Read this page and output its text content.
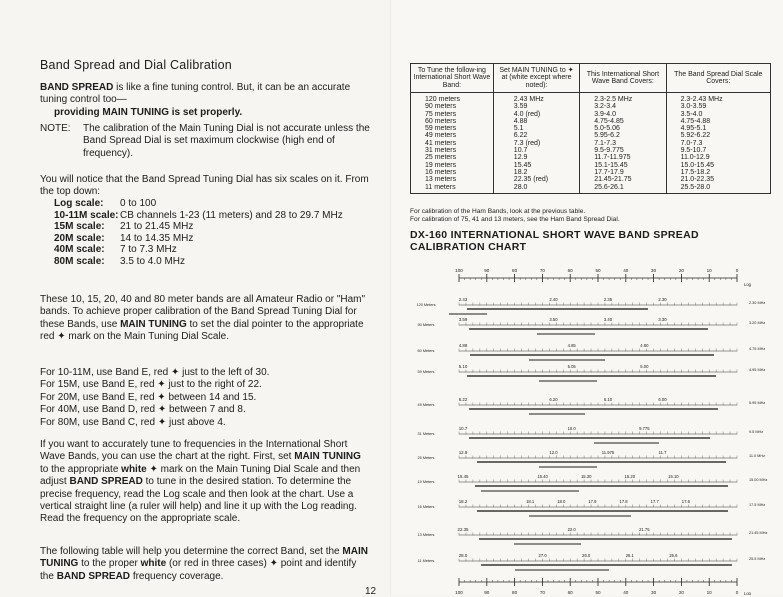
Band Spread and Dial Calibration
BAND SPREAD is like a fine tuning control. But, it can be an accurate tuning control too—
providing MAIN TUNING is set properly.
NOTE:	The calibration of the Main Tuning Dial is not accurate unless the Band Spread Dial is set maximum clockwise (high end of frequency).
You will notice that the Band Spread Tuning Dial has six scales on it. From the top down:
Log scale:	0 to 100
10-11M scale: CB channels 1-23 (11 meters) and 28 to 29.7 MHz
15M scale:	21 to 21.45 MHz
20M scale:	14 to 14.35 MHz
40M scale:	7 to 7.3 MHz
80M scale:	3.5 to 4.0 MHz
These 10, 15, 20, 40 and 80 meter bands are all Amateur Radio or "Ham" bands. To achieve proper calibration of the Band Spread Tuning Dial for these Bands, use MAIN TUNING to set the dial pointer to the appropriate red ✦ mark on the Main Tuning Dial Scale.
For 10-11M, use Band E, red ✦ just to the left of 30.
For 15M, use Band E, red ✦ just to the right of 22.
For 20M, use Band E, red ✦ between 14 and 15.
For 40M, use Band D, red ✦ between 7 and 8.
For 80M, use Band C, red ✦ just above 4.
If you want to accurately tune to frequencies in the International Short Wave Bands, you can use the chart at the right. First, set MAIN TUNING to the appropriate white ✦ mark on the Main Tuning Dial Scale and then adjust BAND SPREAD to tune in the desired station. To determine the precise frequency, read the Log scale and then look at the chart. Use a vertical straight line (a ruler will help) and line it up with the Log reading. Read the frequency on the appropriate scale.
The following table will help you determine the correct Band, set the MAIN TUNING to the proper white (or red in three cases) ✦ point and identify the BAND SPREAD frequency coverage.
12
To Tune the follow-ing International Short Wave Band:	Set MAIN TUNING to ✦ at (white except where noted):	This International Short Wave Band Covers:	The Band Spread Dial Scale Covers:
120 meters	2.43 MHz	2.3-2.5 MHz	2.3-2.43 MHz
90 meters	3.59	3.2-3.4	3.0-3.59
75 meters	4.0 (red)	3.9-4.0	3.5-4.0
60 meters	4.88	4.75-4.85	4.75-4.88
59 meters	5.1	5.0-5.06	4.95-5.1
49 meters	6.22	5.95-6.2	5.92-6.22
41 meters	7.3 (red)	7.1-7.3	7.0-7.3
31 meters	10.7	9.5-9.775	9.5-10.7
25 meters	12.9	11.7-11.975	11.0-12.9
19 meters	15.45	15.1-15.45	15.0-15.45
16 meters	18.2	17.7-17.9	17.5-18.2
13 meters	22.35 (red)	21.45-21.75	21.0-22.35
11 meters	28.0	25.6-26.1	25.5-28.0
For calibration of the Ham Bands, look at the previous table.
For calibration of 75, 41 and 13 meters, see the Ham Band Spread Dial.
DX-160 INTERNATIONAL SHORT WAVE BAND SPREAD CALIBRATION CHART
100	90	80	70	60	50	40	30	20	10	0
Log
100	90	80	70	60	50	40	30	20	10	0 Log
120 Meters	2.30 MHz
2.43	2.40	2.35	2.30
90 Meters	3.20 MHz
3.59	3.50	3.40	3.30
60 Meters	4.75 MHz
4.88	4.85	4.80
59 Meters	4.95 MHz
5.10	5.05	5.00
49 Meters	5.95 MHz
6.22	6.20	6.10	6.00
31 Meters	9.5 MHz
10.7	10.0	9.775
25 Meters	11.0 MHz
12.9	12.0	11.975	11.7
19 Meters	15.00 MHz
15.45	15.40	15.30	15.20	15.10
16 Meters	17.5 MHz
18.2	18.1	18.0	17.9	17.8	17.7	17.6
13 Meters	21.45 MHz
22.35	22.0	21.75
11 Meters	25.5 MHz
28.0	27.0	26.0	26.1	25.6
